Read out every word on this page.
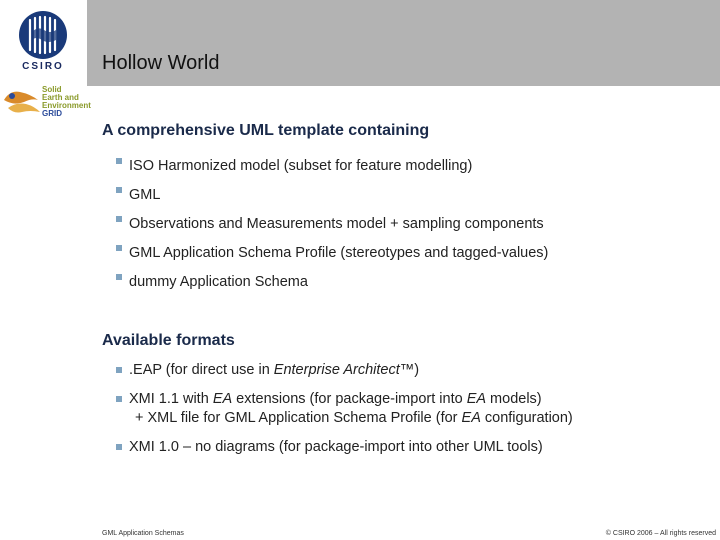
Hollow World
CSIRO
Solid
Earth and
Environment
GRID
A comprehensive UML template containing
ISO Harmonized model (subset for feature modelling)
GML
Observations and Measurements model + sampling components
GML Application Schema Profile (stereotypes and tagged-values)
dummy Application Schema
Available formats
.EAP (for direct use in Enterprise Architect™)
XMI 1.1 with EA extensions (for package-import into EA models)
+ XML file for GML Application Schema Profile (for EA configuration)
XMI 1.0 – no diagrams (for package-import into other UML tools)
GML Application Schemas	© CSIRO 2006 – All rights reserved
